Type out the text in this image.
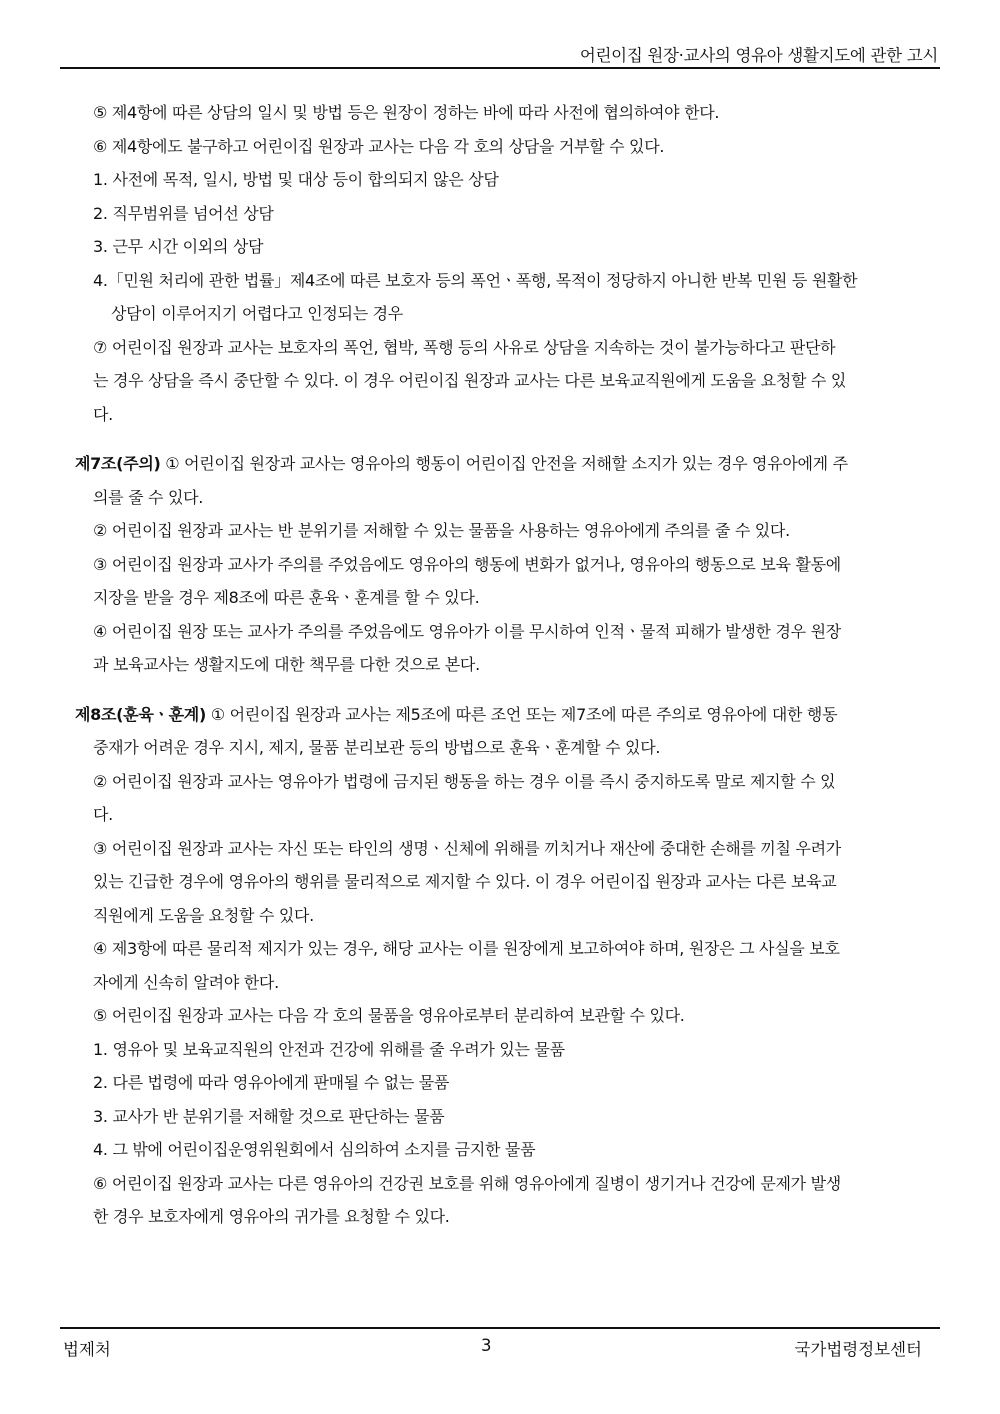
어린이집 원장·교사의 영유아 생활지도에 관한 고시

⑤ 제4항에 따른 상담의 일시 및 방법 등은 원장이 정하는 바에 따라 사전에 협의하여야 한다.

⑥ 제4항에도 불구하고 어린이집 원장과 교사는 다음 각 호의 상담을 거부할 수 있다.

1. 사전에 목적, 일시, 방법 및 대상 등이 합의되지 않은 상담

2. 직무범위를 넘어선 상담

3. 근무 시간 이외의 상담

4.「민원 처리에 관한 법률」제4조에 따른 보호자 등의 폭언ㆍ폭행, 목적이 정당하지 아니한 반복 민원 등 원활한

상담이 이루어지기 어렵다고 인정되는 경우

⑦ 어린이집 원장과 교사는 보호자의 폭언, 협박, 폭행 등의 사유로 상담을 지속하는 것이 불가능하다고 판단하

는 경우 상담을 즉시 중단할 수 있다. 이 경우 어린이집 원장과 교사는 다른 보육교직원에게 도움을 요청할 수 있

다.

제7조(주의) ① 어린이집 원장과 교사는 영유아의 행동이 어린이집 안전을 저해할 소지가 있는 경우 영유아에게 주

의를 줄 수 있다.

② 어린이집 원장과 교사는 반 분위기를 저해할 수 있는 물품을 사용하는 영유아에게 주의를 줄 수 있다.

③ 어린이집 원장과 교사가 주의를 주었음에도 영유아의 행동에 변화가 없거나, 영유아의 행동으로 보육 활동에

지장을 받을 경우 제8조에 따른 훈육ㆍ훈계를 할 수 있다.

④ 어린이집 원장 또는 교사가 주의를 주었음에도 영유아가 이를 무시하여 인적ㆍ물적 피해가 발생한 경우 원장

과 보육교사는 생활지도에 대한 책무를 다한 것으로 본다.

제8조(훈육ㆍ훈계) ① 어린이집 원장과 교사는 제5조에 따른 조언 또는 제7조에 따른 주의로 영유아에 대한 행동

중재가 어려운 경우 지시, 제지, 물품 분리보관 등의 방법으로 훈육ㆍ훈계할 수 있다.

② 어린이집 원장과 교사는 영유아가 법령에 금지된 행동을 하는 경우 이를 즉시 중지하도록 말로 제지할 수 있

다.

③ 어린이집 원장과 교사는 자신 또는 타인의 생명ㆍ신체에 위해를 끼치거나 재산에 중대한 손해를 끼칠 우려가

있는 긴급한 경우에 영유아의 행위를 물리적으로 제지할 수 있다. 이 경우 어린이집 원장과 교사는 다른 보육교

직원에게 도움을 요청할 수 있다.

④ 제3항에 따른 물리적 제지가 있는 경우, 해당 교사는 이를 원장에게 보고하여야 하며, 원장은 그 사실을 보호

자에게 신속히 알려야 한다.

⑤ 어린이집 원장과 교사는 다음 각 호의 물품을 영유아로부터 분리하여 보관할 수 있다.

1. 영유아 및 보육교직원의 안전과 건강에 위해를 줄 우려가 있는 물품

2. 다른 법령에 따라 영유아에게 판매될 수 없는 물품

3. 교사가 반 분위기를 저해할 것으로 판단하는 물품

4. 그 밖에 어린이집운영위원회에서 심의하여 소지를 금지한 물품

⑥ 어린이집 원장과 교사는 다른 영유아의 건강권 보호를 위해 영유아에게 질병이 생기거나 건강에 문제가 발생

한 경우 보호자에게 영유아의 귀가를 요청할 수 있다.

법제처	3	국가법령정보센터
